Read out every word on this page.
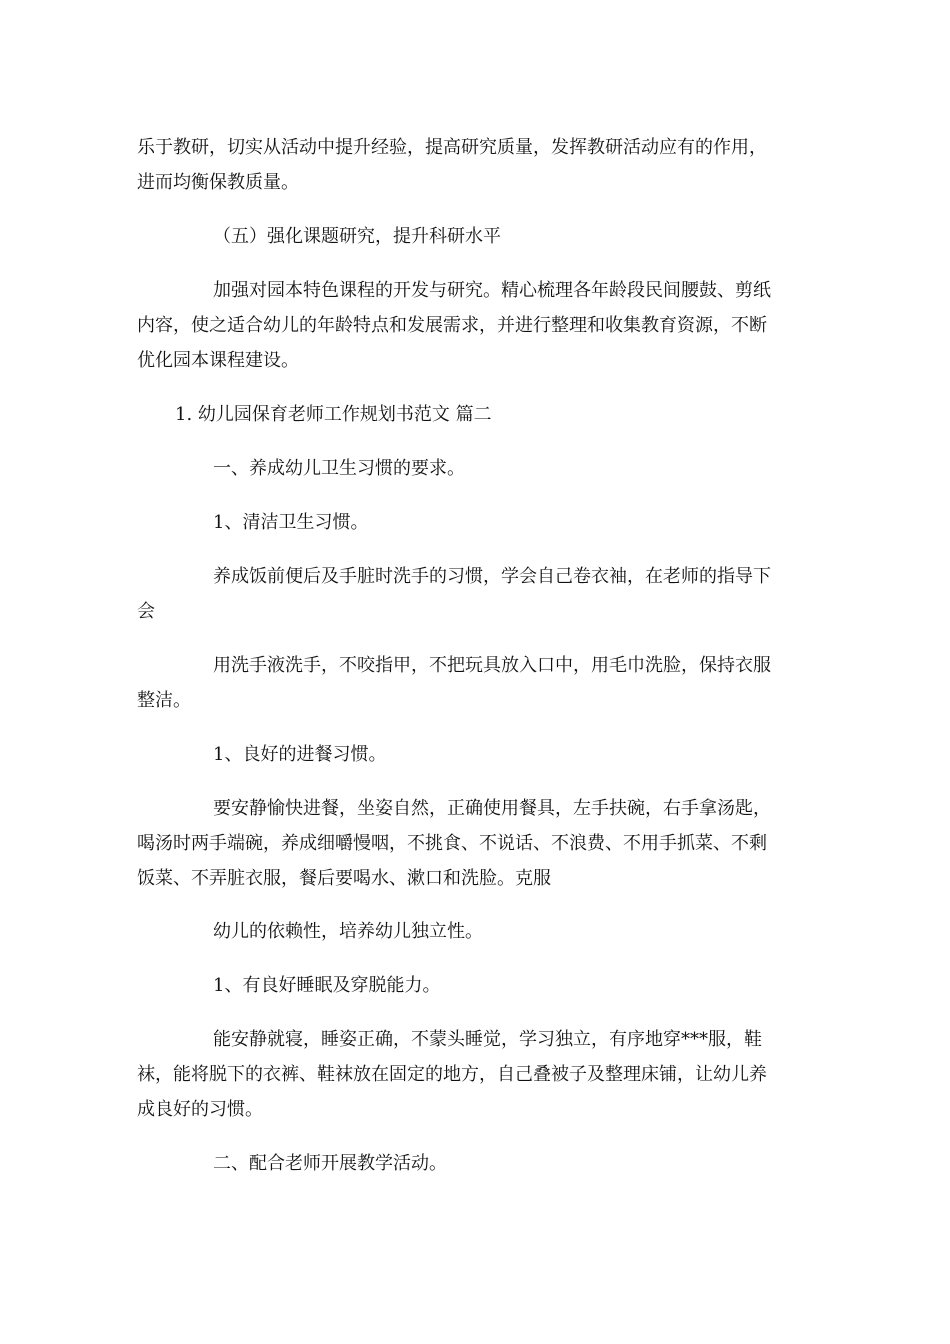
乐于教研，切实从活动中提升经验，提高研究质量，发挥教研活动应有的作用，
进而均衡保教质量。

（五）强化课题研究，提升科研水平

加强对园本特色课程的开发与研究。精心梳理各年龄段民间腰鼓、剪纸
内容，使之适合幼儿的年龄特点和发展需求，并进行整理和收集教育资源，不断
优化园本课程建设。

1. 幼儿园保育老师工作规划书范文 篇二

一、养成幼儿卫生习惯的要求。

1、清洁卫生习惯。

养成饭前便后及手脏时洗手的习惯，学会自己卷衣袖，在老师的指导下
会

用洗手液洗手，不咬指甲，不把玩具放入口中，用毛巾洗脸，保持衣服
整洁。

1、良好的进餐习惯。

要安静愉快进餐，坐姿自然，正确使用餐具，左手扶碗，右手拿汤匙，
喝汤时两手端碗，养成细嚼慢咽，不挑食、不说话、不浪费、不用手抓菜、不剩
饭菜、不弄脏衣服，餐后要喝水、漱口和洗脸。克服

幼儿的依赖性，培养幼儿独立性。

1、有良好睡眠及穿脱能力。

能安静就寝，睡姿正确，不蒙头睡觉，学习独立，有序地穿***服，鞋
袜，能将脱下的衣裤、鞋袜放在固定的地方，自己叠被子及整理床铺，让幼儿养
成良好的习惯。

二、配合老师开展教学活动。
